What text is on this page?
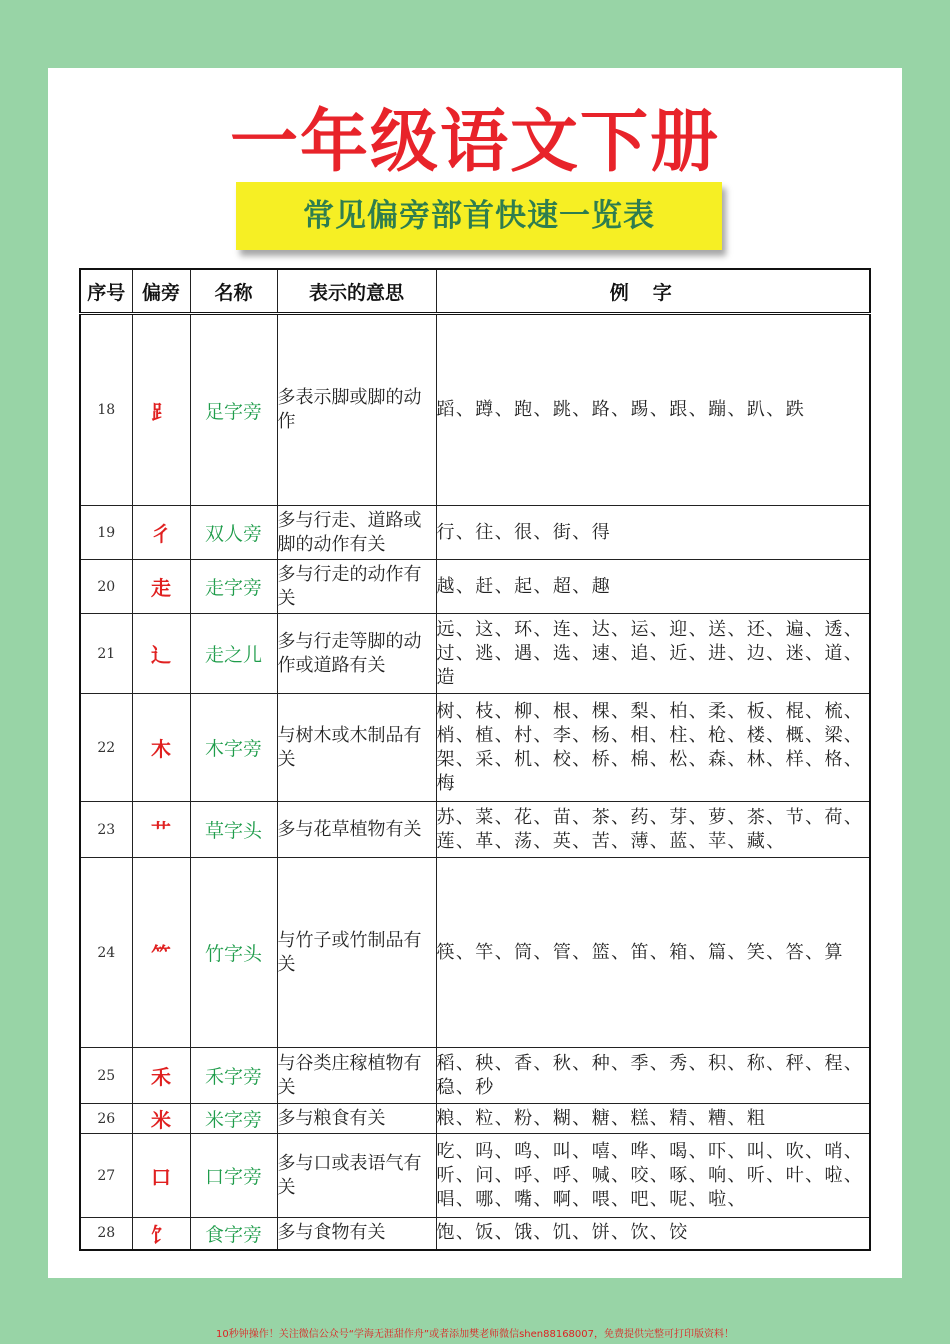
一年级语文下册
常见偏旁部首快速一览表
序号	偏旁	名称	表示的意思	例字
18	⻊	足字旁	多表示脚或脚的动作	蹈、蹲、跑、跳、路、踢、跟、蹦、趴、跌
19	彳	双人旁	多与行走、道路或脚的动作有关	行、往、很、街、得
20	走	走字旁	多与行走的动作有关	越、赶、起、超、趣
21	辶	走之儿	多与行走等脚的动作或道路有关	远、这、环、连、达、运、迎、送、还、遍、透、过、逃、遇、选、速、追、近、进、边、迷、道、造
22	木	木字旁	与树木或木制品有关	树、枝、柳、根、棵、梨、柏、柔、板、棍、梳、梢、植、村、李、杨、相、柱、枪、楼、概、梁、架、采、机、校、桥、棉、松、森、林、样、格、梅
23	艹	草字头	多与花草植物有关	苏、菜、花、苗、茶、药、芽、萝、茶、节、荷、莲、革、荡、英、苦、薄、蓝、苹、藏、
24	⺮	竹字头	与竹子或竹制品有关	筷、竿、筒、管、篮、笛、箱、篇、笑、答、算
25	禾	禾字旁	与谷类庄稼植物有关	稻、秧、香、秋、种、季、秀、积、称、秤、程、稳、秒
26	米	米字旁	多与粮食有关	粮、粒、粉、糊、糖、糕、精、糟、粗
27	口	口字旁	多与口或表语气有关	吃、吗、鸣、叫、嘻、哗、喝、吓、叫、吹、哨、听、问、呼、呼、喊、咬、啄、响、听、叶、啦、唱、哪、嘴、啊、喂、吧、呢、啦、
28	饣	食字旁	多与食物有关	饱、饭、饿、饥、饼、饮、饺
10秒钟操作！关注微信公众号“学海无涯甜作舟”或者添加樊老师微信shen88168007，免费提供完整可打印版资料！
